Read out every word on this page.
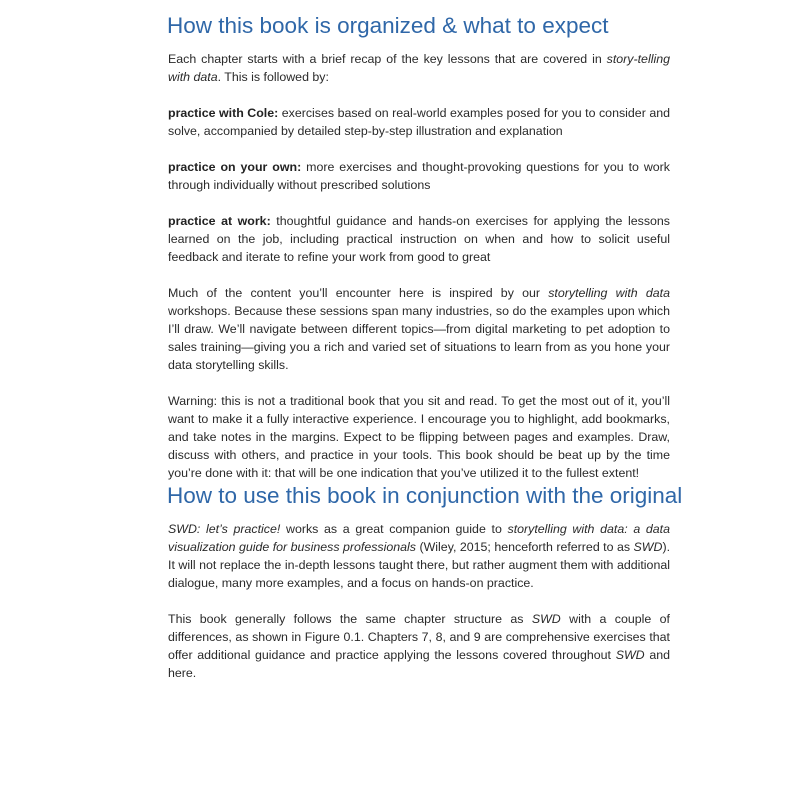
How this book is organized & what to expect

Each chapter starts with a brief recap of the key lessons that are covered in story-telling with data. This is followed by:

practice with Cole: exercises based on real-world examples posed for you to consider and solve, accompanied by detailed step-by-step illustration and explanation

practice on your own: more exercises and thought-provoking questions for you to work through individually without prescribed solutions

practice at work: thoughtful guidance and hands-on exercises for applying the lessons learned on the job, including practical instruction on when and how to solicit useful feedback and iterate to refine your work from good to great

Much of the content you’ll encounter here is inspired by our storytelling with data workshops. Because these sessions span many industries, so do the examples upon which I’ll draw. We’ll navigate between different topics—from digital marketing to pet adoption to sales training—giving you a rich and varied set of situations to learn from as you hone your data storytelling skills.

Warning: this is not a traditional book that you sit and read. To get the most out of it, you’ll want to make it a fully interactive experience. I encourage you to highlight, add bookmarks, and take notes in the margins. Expect to be flipping between pages and examples. Draw, discuss with others, and practice in your tools. This book should be beat up by the time you’re done with it: that will be one indication that you’ve utilized it to the fullest extent!

How to use this book in conjunction with the original

SWD: let’s practice! works as a great companion guide to storytelling with data: a data visualization guide for business professionals (Wiley, 2015; henceforth referred to as SWD). It will not replace the in-depth lessons taught there, but rather augment them with additional dialogue, many more examples, and a focus on hands-on practice.

This book generally follows the same chapter structure as SWD with a couple of differences, as shown in Figure 0.1. Chapters 7, 8, and 9 are comprehensive exercises that offer additional guidance and practice applying the lessons covered throughout SWD and here.
